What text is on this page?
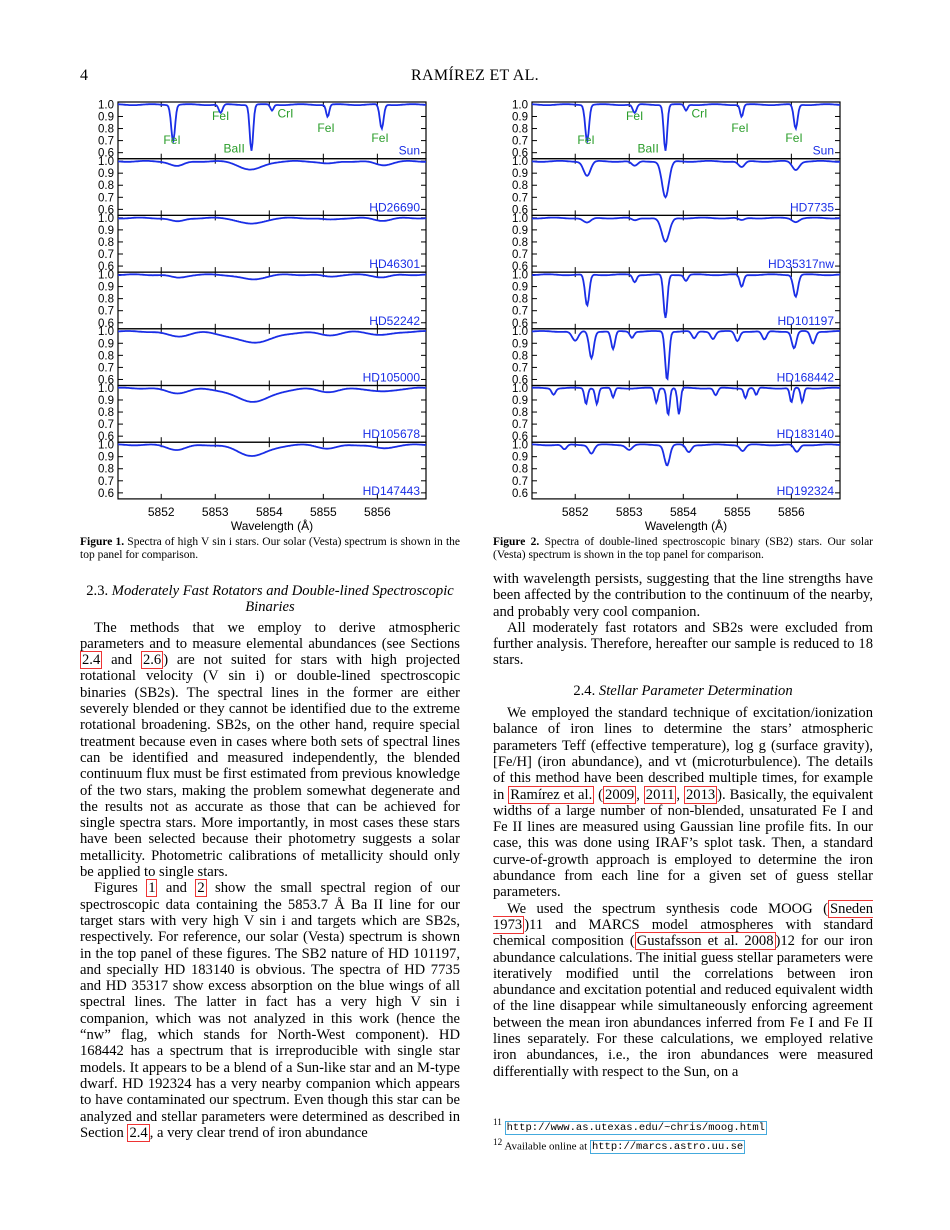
4	RAMÍREZ ET AL.
0.6
0.7
0.8
0.9
1.0
Sun
FeI
FeI
BaII
CrI
FeI
FeI
0.6
0.7
0.8
0.9
1.0
HD26690
0.6
0.7
0.8
0.9
1.0
HD46301
0.6
0.7
0.8
0.9
1.0
HD52242
0.6
0.7
0.8
0.9
1.0
HD105000
0.6
0.7
0.8
0.9
1.0
HD105678
0.6
0.7
0.8
0.9
1.0
HD147443
5852 5853 5854 5855 5856
Wavelength (Å)
0.6
0.7
0.8
0.9
1.0
Sun
FeI
FeI
BaII
CrI
FeI
FeI
0.6
0.7
0.8
0.9
1.0
HD7735
0.6
0.7
0.8
0.9
1.0
HD35317nw
0.6
0.7
0.8
0.9
1.0
HD101197
0.6
0.7
0.8
0.9
1.0
HD168442
0.6
0.7
0.8
0.9
1.0
HD183140
0.6
0.7
0.8
0.9
1.0
HD192324
5852 5853 5854 5855 5856
Wavelength (Å)
Figure 1. Spectra of high V sin i stars. Our solar (Vesta) spectrum is shown in the top panel for comparison.
Figure 2. Spectra of double-lined spectroscopic binary (SB2) stars. Our solar (Vesta) spectrum is shown in the top panel for comparison.
2.3. Moderately Fast Rotators and Double-lined Spectroscopic Binaries

The methods that we employ to derive atmospheric parameters and to measure elemental abundances (see Sections 2.4 and 2.6 ) are not suited for stars with high projected rotational velocity (V sin i) or double-lined spectroscopic binaries (SB2s). The spectral lines in the former are either severely blended or they cannot be identified due to the extreme rotational broadening. SB2s, on the other hand, require special treatment because even in cases where both sets of spectral lines can be identified and measured independently, the blended continuum flux must be first estimated from previous knowledge of the two stars, making the problem somewhat degenerate and the results not as accurate as those that can be achieved for single spectra stars. More importantly, in most cases these stars have been selected because their photometry suggests a solar metallicity. Photometric calibrations of metallicity should only be applied to single stars.

Figures 1 and 2 show the small spectral region of our spectroscopic data containing the 5853.7 Å Ba II line for our target stars with very high V sin i and targets which are SB2s, respectively. For reference, our solar (Vesta) spectrum is shown in the top panel of these figures. The SB2 nature of HD 101197, and specially HD 183140 is obvious. The spectra of HD 7735 and HD 35317 show excess absorption on the blue wings of all spectral lines. The latter in fact has a very high V sin i companion, which was not analyzed in this work (hence the “nw” flag, which stands for North-West component). HD 168442 has a spectrum that is irreproducible with single star models. It appears to be a blend of a Sun-like star and an M-type dwarf. HD 192324 has a very nearby companion which appears to have contaminated our spectrum. Even though this star can be analyzed and stellar parameters were determined as described in Section 2.4 , a very clear trend of iron abundance

with wavelength persists, suggesting that the line strengths have been affected by the contribution to the continuum of the nearby, and probably very cool companion.

All moderately fast rotators and SB2s were excluded from further analysis. Therefore, hereafter our sample is reduced to 18 stars.

2.4. Stellar Parameter Determination

We employed the standard technique of excitation/ionization balance of iron lines to determine the stars’ atmospheric parameters Teff (effective temperature), log g (surface gravity), [Fe/H] (iron abundance), and vt (microturbulence). The details of this method have been described multiple times, for example in Ramírez et al. ( 2009 , 2011 , 2013 ). Basically, the equivalent widths of a large number of non-blended, unsaturated Fe I and Fe II lines are measured using Gaussian line profile fits. In our case, this was done using IRAF’s splot task. Then, a standard curve-of-growth approach is employed to determine the iron abundance from each line for a given set of guess stellar parameters.

We used the spectrum synthesis code MOOG ( Sneden 1973 )11 and MARCS model atmospheres with standard chemical composition ( Gustafsson et al. 2008 )12 for our iron abundance calculations. The initial guess stellar parameters were iteratively modified until the correlations between iron abundance and excitation potential and reduced equivalent width of the line disappear while simultaneously enforcing agreement between the mean iron abundances inferred from Fe I and Fe II lines separately. For these calculations, we employed relative iron abundances, i.e., the iron abundances were measured differentially with respect to the Sun, on a

$^{11}$ http://www.as.utexas.edu/~chris/moog.html
$^{12}$ Available online at http://marcs.astro.uu.se
